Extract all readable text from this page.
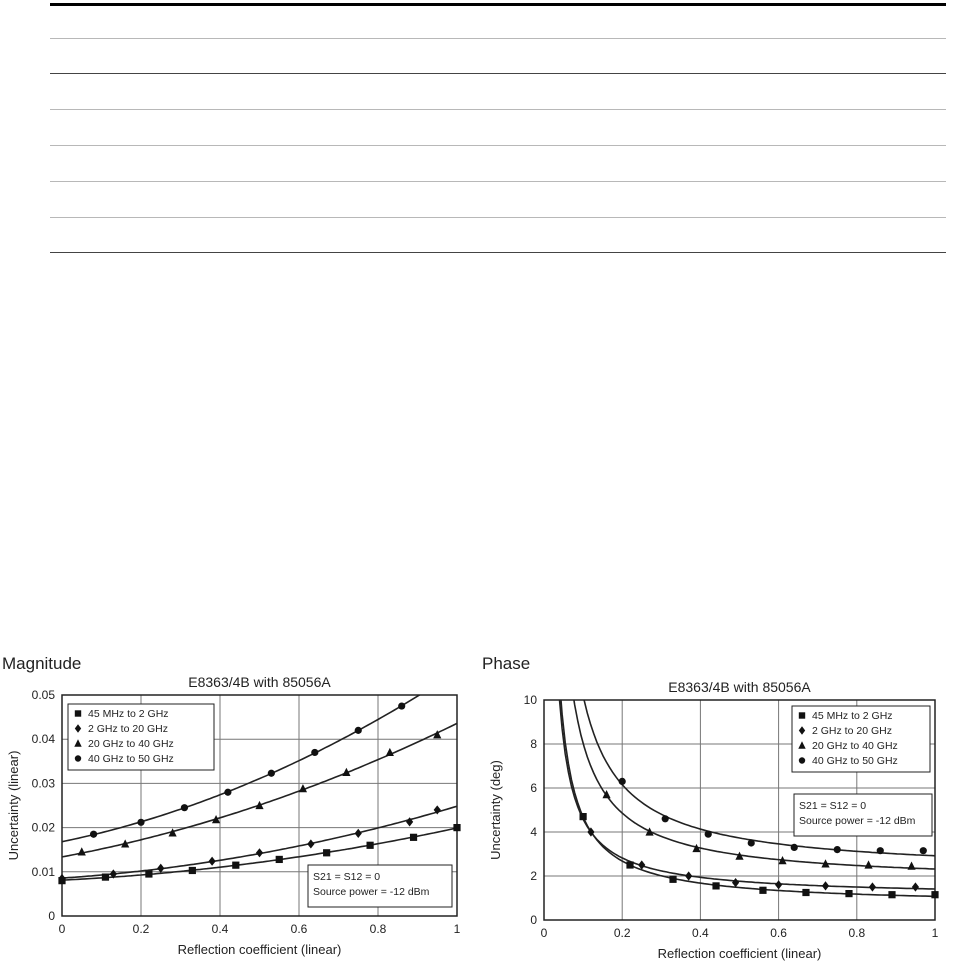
Magnitude	Phase
E8363/4B with 85056A
0	0.2	0.4	0.6	0.8	1
0
0.01
0.02
0.03
0.04
0.05
Reflection coefficient (linear)
Uncertainty (linear)
45 MHz to 2 GHz
2 GHz to 20 GHz
20 GHz to 40 GHz
40 GHz to 50 GHz
S21 = S12 = 0
Source power = -12 dBm
E8363/4B with 85056A
0	0.2	0.4	0.6	0.8	1
0
2
4
6
8
10
Reflection coefficient (linear)
Uncertainty (deg)
45 MHz to 2 GHz
2 GHz to 20 GHz
20 GHz to 40 GHz
40 GHz to 50 GHz
S21 = S12 = 0
Source power = -12 dBm
